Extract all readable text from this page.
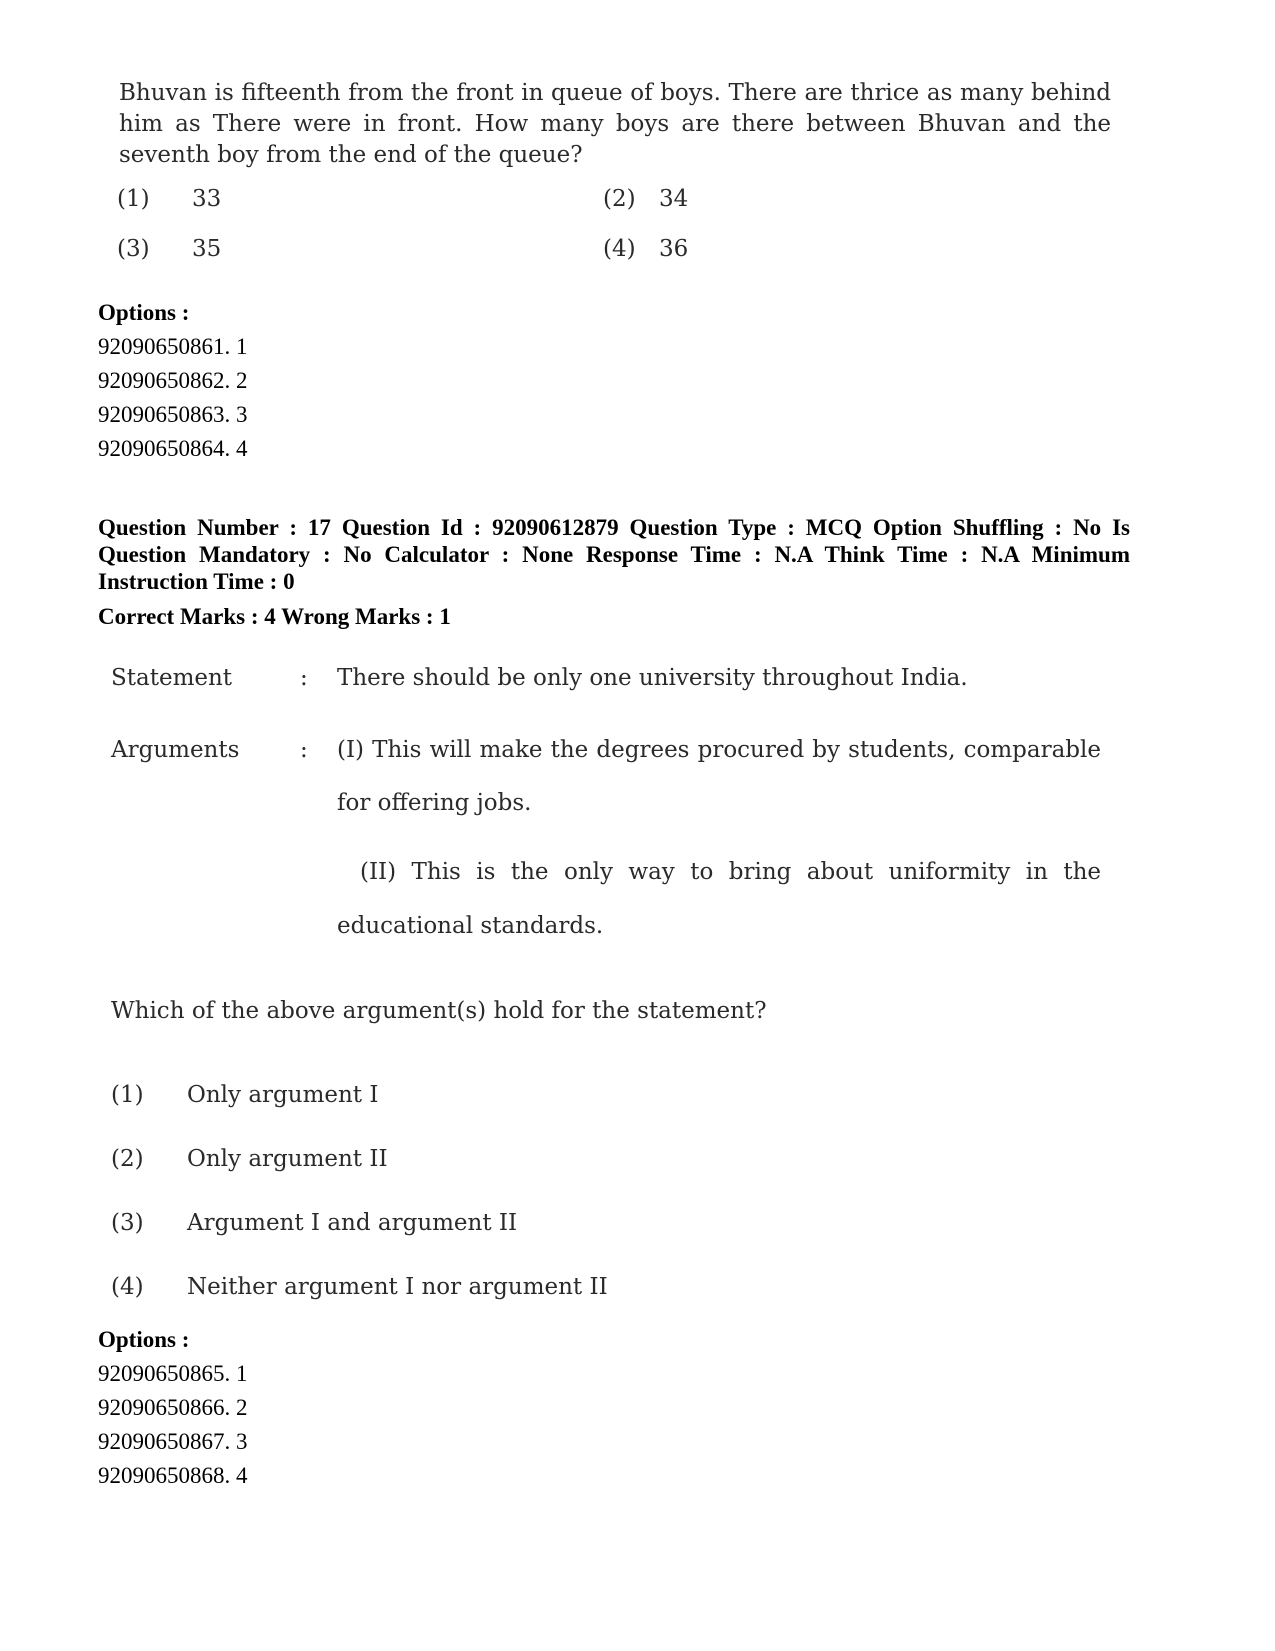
Bhuvan is fifteenth from the front in queue of boys. There are thrice as many behind
him as There were in front. How many boys are there between Bhuvan and the
seventh boy from the end of the queue?
(1) 33	(2) 34
(3) 35	(4) 36
Options :
92090650861. 1
92090650862. 2
92090650863. 3
92090650864. 4
Question Number : 17 Question Id : 92090612879 Question Type : MCQ Option Shuffling : No Is
Question Mandatory : No Calculator : None Response Time : N.A Think Time : N.A Minimum
Instruction Time : 0
Correct Marks : 4 Wrong Marks : 1
Statement	: There should be only one university throughout India.
Arguments	: (I) This will make the degrees procured by students, comparable
for offering jobs.
(II) This is the only way to bring about uniformity in the
educational standards.
Which of the above argument(s) hold for the statement?
(1) Only argument I
(2) Only argument II
(3) Argument I and argument II
(4) Neither argument I nor argument II
Options :
92090650865. 1
92090650866. 2
92090650867. 3
92090650868. 4
